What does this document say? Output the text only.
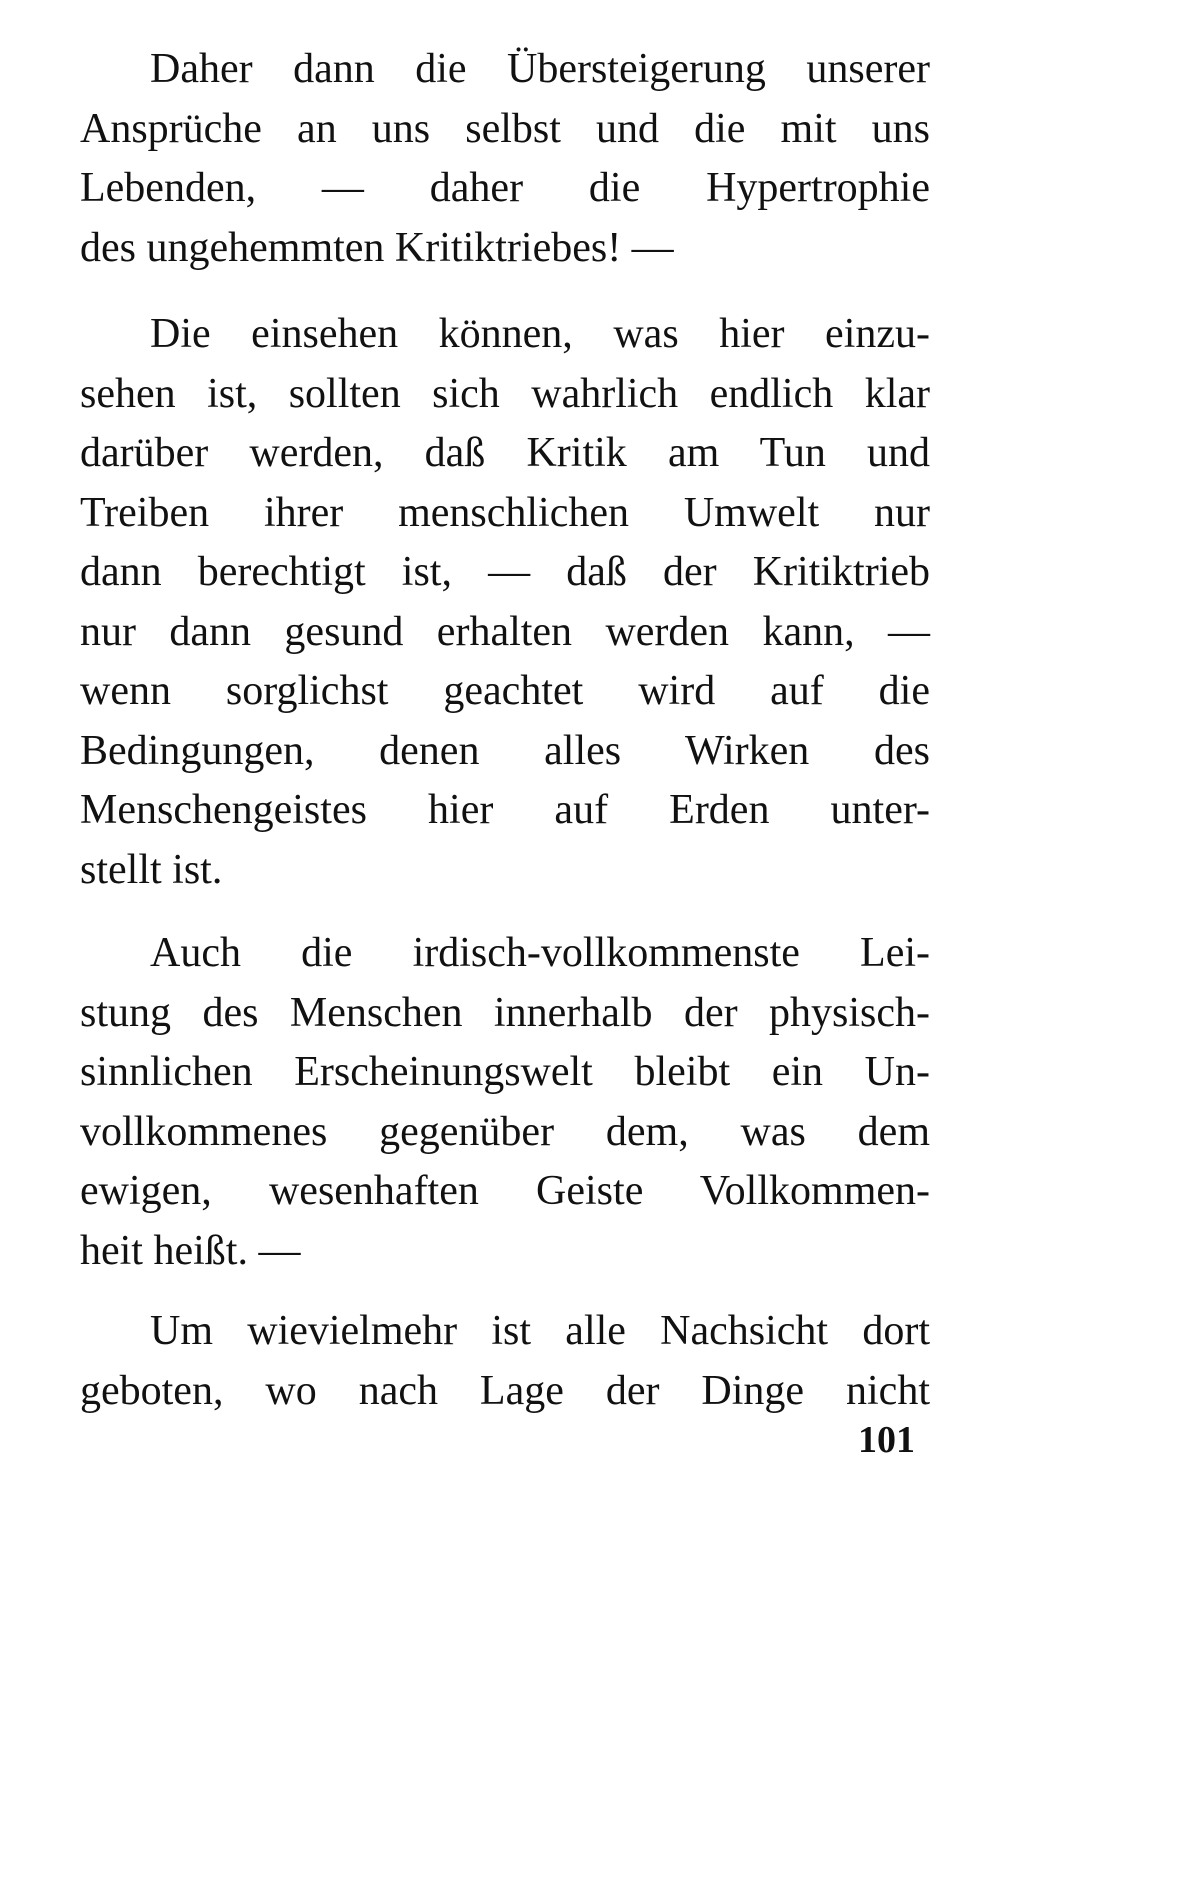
Daher dann die Übersteigerung unserer
Ansprüche an uns selbst und die mit uns
Lebenden, — daher die Hypertrophie
des ungehemmten Kritiktriebes! —
Die einsehen können, was hier einzu-
sehen ist, sollten sich wahrlich endlich klar
darüber werden, daß Kritik am Tun und
Treiben ihrer menschlichen Umwelt nur
dann berechtigt ist, — daß der Kritiktrieb
nur dann gesund erhalten werden kann, —
wenn sorglichst geachtet wird auf die
Bedingungen, denen alles Wirken des
Menschengeistes hier auf Erden unter-
stellt ist.
Auch die irdisch-vollkommenste Lei-
stung des Menschen innerhalb der physisch-
sinnlichen Erscheinungswelt bleibt ein Un-
vollkommenes gegenüber dem, was dem
ewigen, wesenhaften Geiste Vollkommen-
heit heißt. —
Um wievielmehr ist alle Nachsicht dort
geboten, wo nach Lage der Dinge nicht
101
